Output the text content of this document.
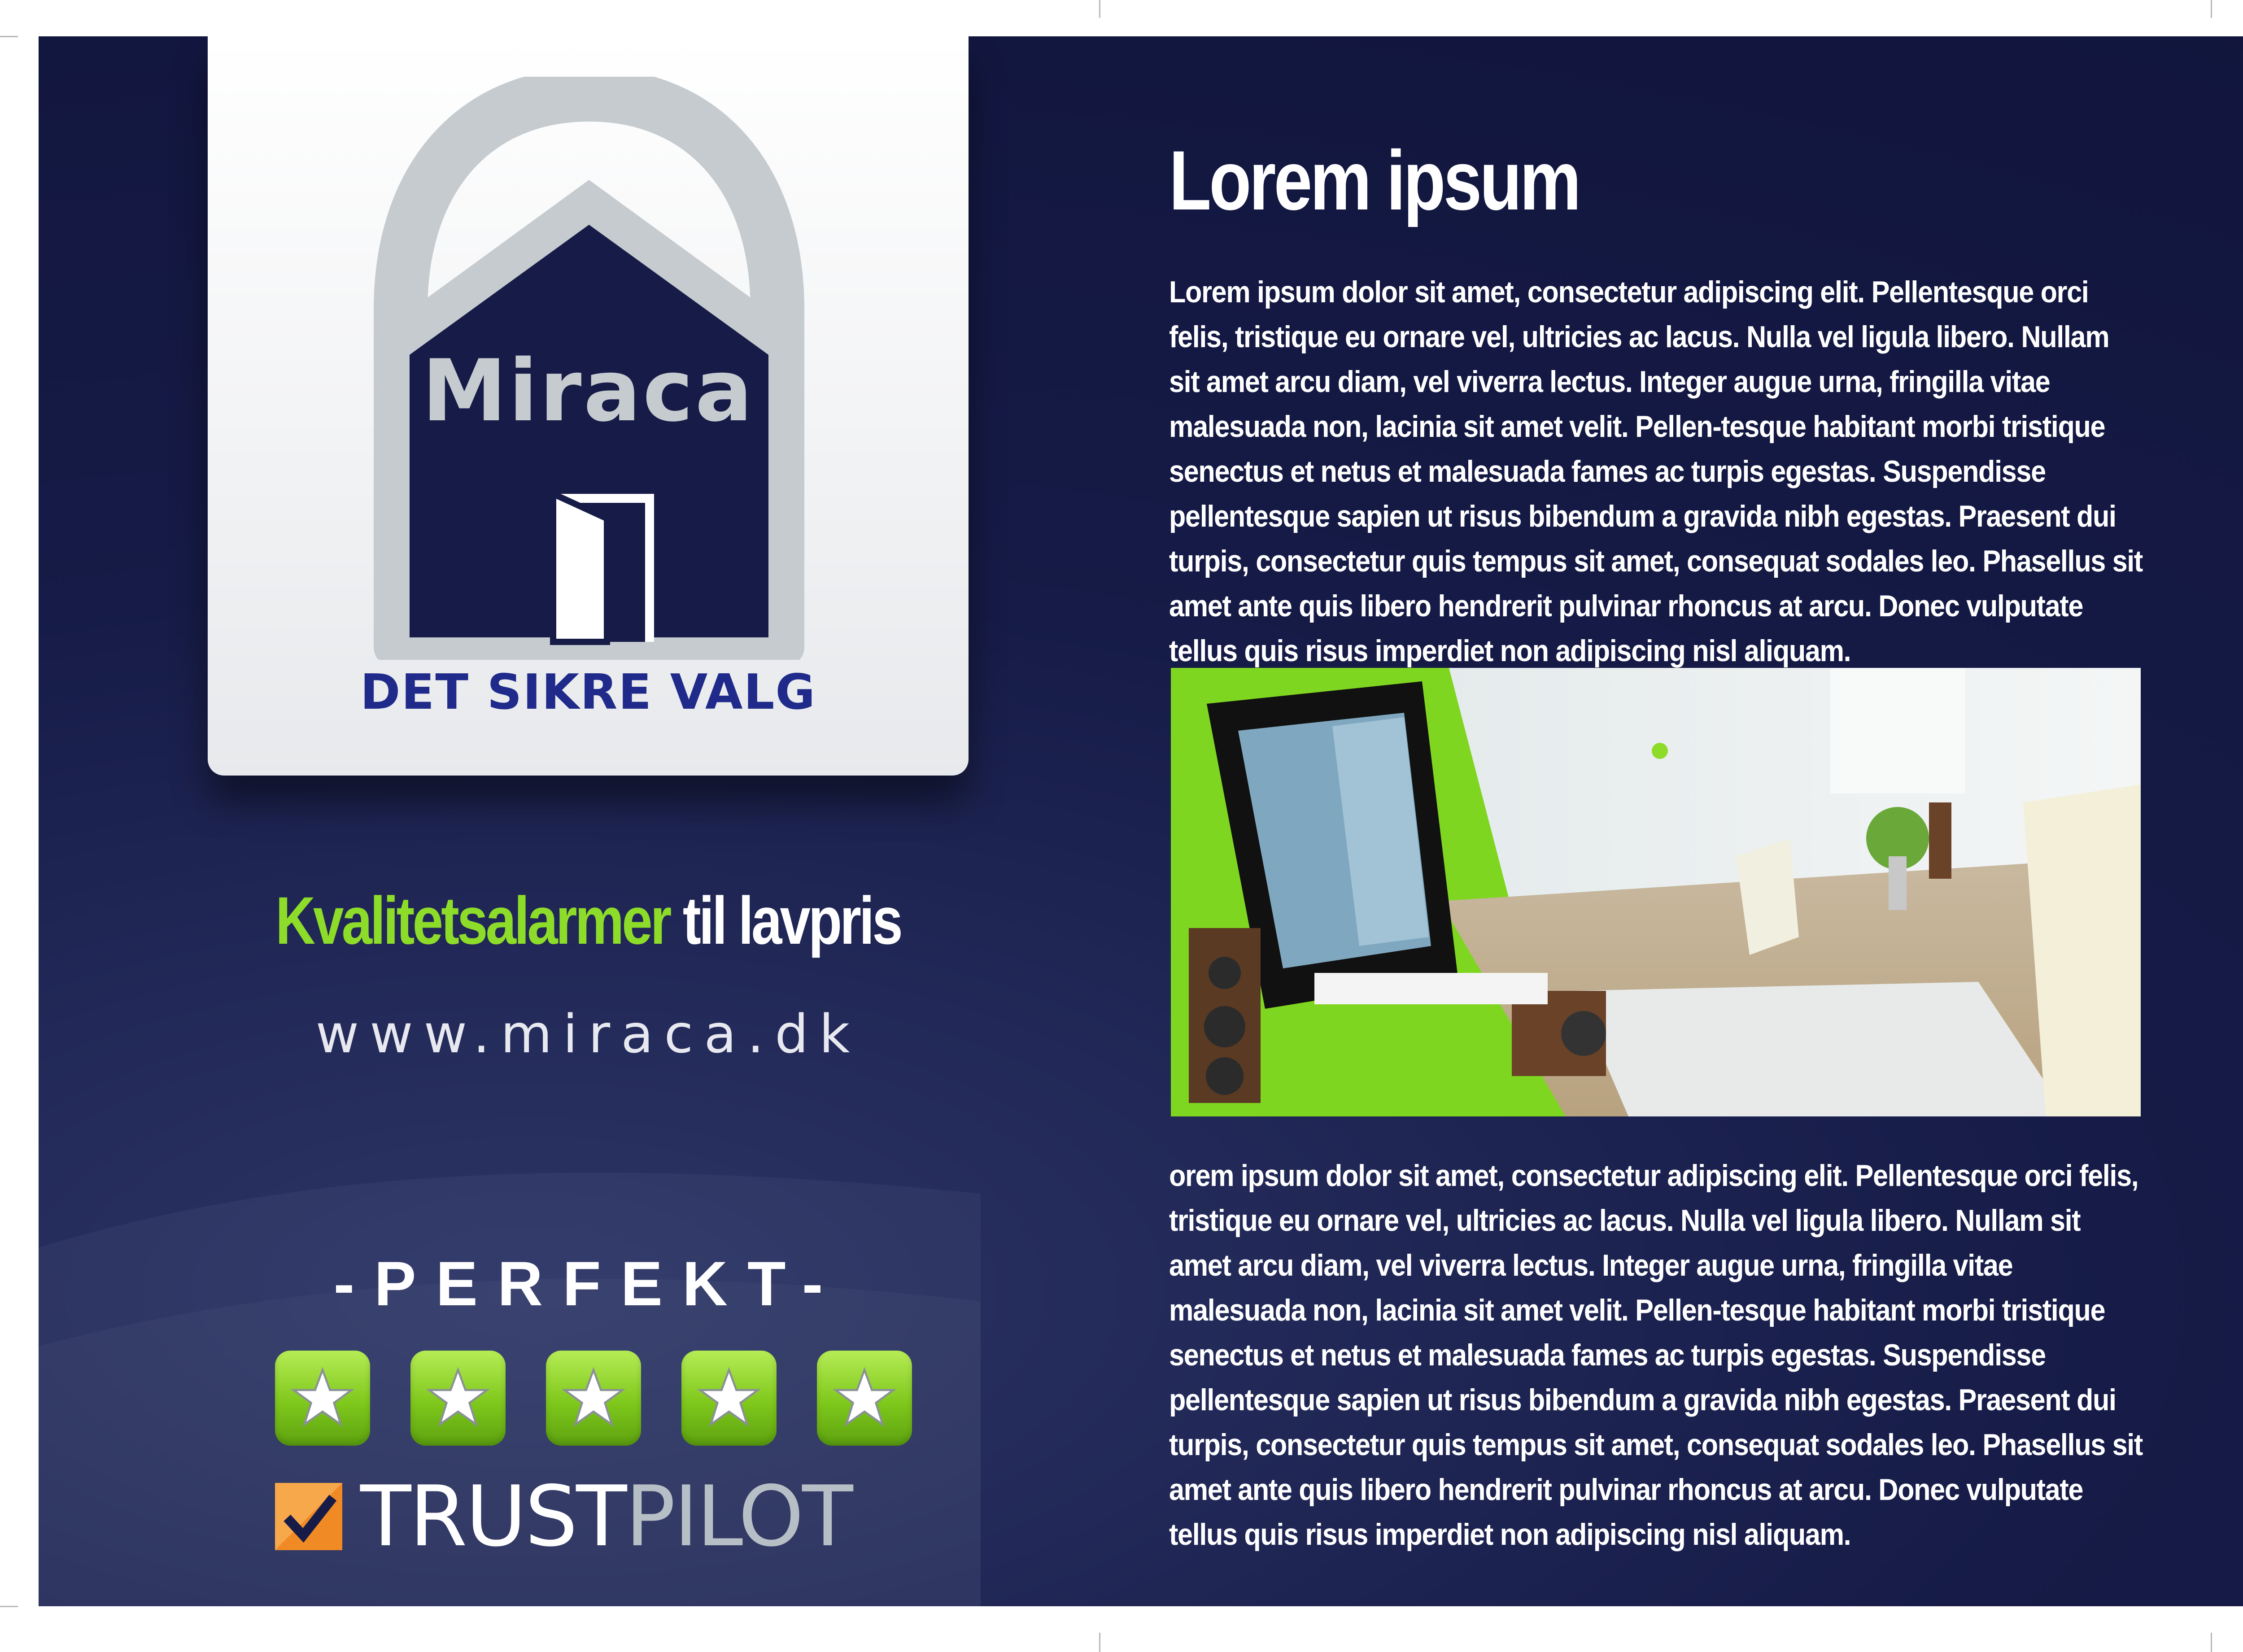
Miraca
DET SIKRE VALG
Kvalitetsalarmer til lavpris
www.miraca.dk
-PERFEKT-
TRUST PILOT
Lorem ipsum
Lorem ipsum dolor sit amet, consectetur adipiscing elit. Pellentesque orci felis, tristique eu ornare vel, ultricies ac lacus. Nulla vel ligula libero. Nullam sit amet arcu diam, vel viverra lectus. Integer augue urna, fringilla vitae malesuada non, lacinia sit amet velit. Pellen-tesque habitant morbi tristique senectus et netus et malesuada fames ac turpis egestas. Suspendisse pellentesque sapien ut risus bibendum a gravida nibh egestas. Praesent dui turpis, consectetur quis tempus sit amet, consequat sodales leo. Phasellus sit amet ante quis libero hendrerit pulvinar rhoncus at arcu. Donec vulputate tellus quis risus imperdiet non adipiscing nisl aliquam.
orem ipsum dolor sit amet, consectetur adipiscing elit. Pellentesque orci felis, tristique eu ornare vel, ultricies ac lacus. Nulla vel ligula libero. Nullam sit amet arcu diam, vel viverra lectus. Integer augue urna, fringilla vitae malesuada non, lacinia sit amet velit. Pellen-tesque habitant morbi tristique senectus et netus et malesuada fames ac turpis egestas. Suspendisse pellentesque sapien ut risus bibendum a gravida nibh egestas. Praesent dui turpis, consectetur quis tempus sit amet, consequat sodales leo. Phasellus sit amet ante quis libero hendrerit pulvinar rhoncus at arcu. Donec vulputate tellus quis risus imperdiet non adipiscing nisl aliquam.
